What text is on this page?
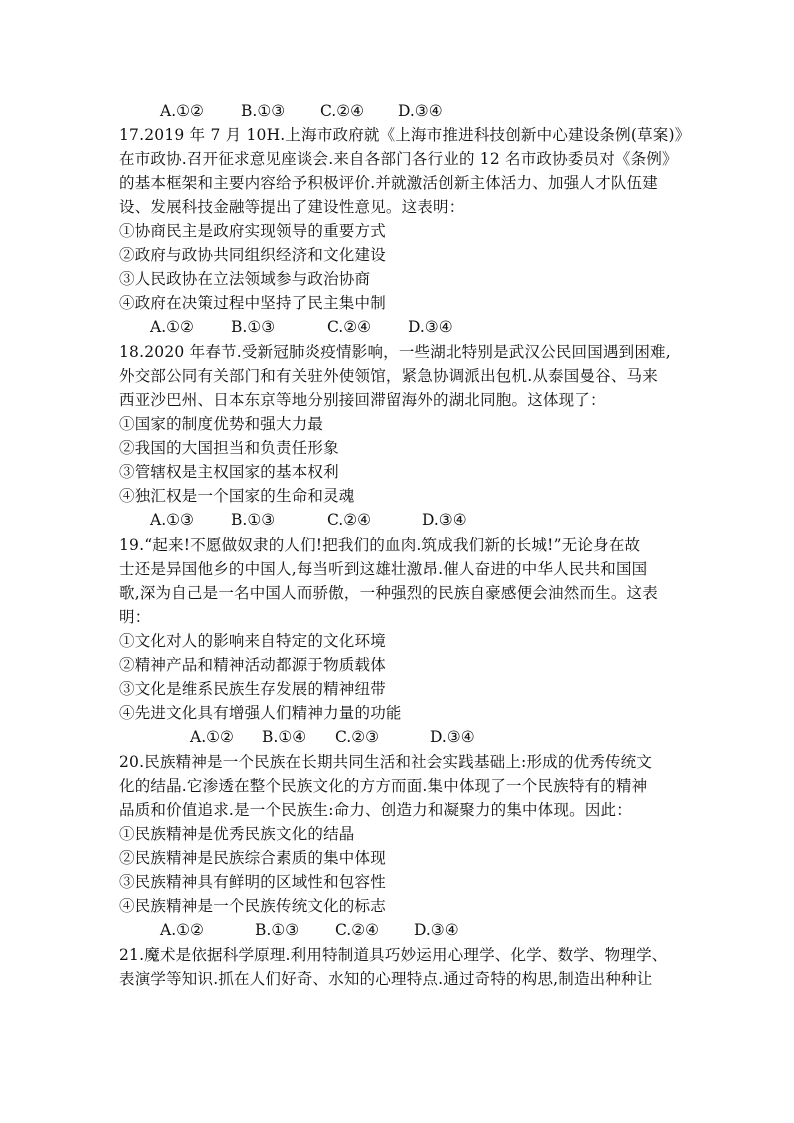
A.①② B.①③ C.②④ D.③④
17.2019 年 7 月 10H.上海市政府就《上海市推进科技创新中心建设条例(草案)》
在市政协.召开征求意见座谈会.来自各部门各行业的 12 名市政协委员对《条例》
的基本框架和主要内容给予积极评价.并就激活创新主体活力、加强人才队伍建
设、发展科技金融等提出了建设性意见。这表明：
①协商民主是政府实现领导的重要方式
②政府与政协共同组织经济和文化建设
③人民政协在立法领域参与政治协商
④政府在决策过程中坚持了民主集中制
A.①② B.①③	C.②④ D.③④
18.2020 年春节.受新冠肺炎疫情影响，一些湖北特别是武汉公民回国遇到困难,
外交部公同有关部门和有关驻外使领馆，紧急协调派出包机.从泰国曼谷、马来
西亚沙巴州、日本东京等地分别接回滞留海外的湖北同胞。这体现了：
①国家的制度优势和强大力最
②我国的大国担当和负责任形象
③管辖权是主权国家的基本权利
④独汇权是一个国家的生命和灵魂
A.①③ B.①③	C.②④	D.③④
19.“起来!不愿做奴隶的人们!把我们的血肉.筑成我们新的长城!”无论身在故
士还是异国他乡的中国人,每当听到这雄壮激昂.催人奋进的中华人民共和国国
歌,深为自己是一名中国人而骄傲，一种强烈的民族自豪感便会油然而生。这表
明：
①文化对人的影响来自特定的文化环境
②精神产品和精神活动都源于物质载体
③文化是维系民族生存发展的精神纽带
④先进文化具有增强人们精神力量的功能
A.①② B.①④ C.②③	D.③④
20.民族精神是一个民族在长期共同生活和社会实践基础上:形成的优秀传统文
化的结晶.它渗透在整个民族文化的方方而面.集中体现了一个民族特有的精神
品质和价值追求.是一个民族生:命力、创造力和凝聚力的集中体现。因此：
①民族精神是优秀民族文化的结晶
②民族精神是民族综合素质的集中体现
③民族精神具有鲜明的区域性和包容性
④民族精神是一个民族传统文化的标志
A.①②	B.①③ C.②④ D.③④
21.魔术是依据科学原理.利用特制道具巧妙运用心理学、化学、数学、物理学、
表演学等知识.抓在人们好奇、水知的心理特点.通过奇特的构思,制造出种种让
